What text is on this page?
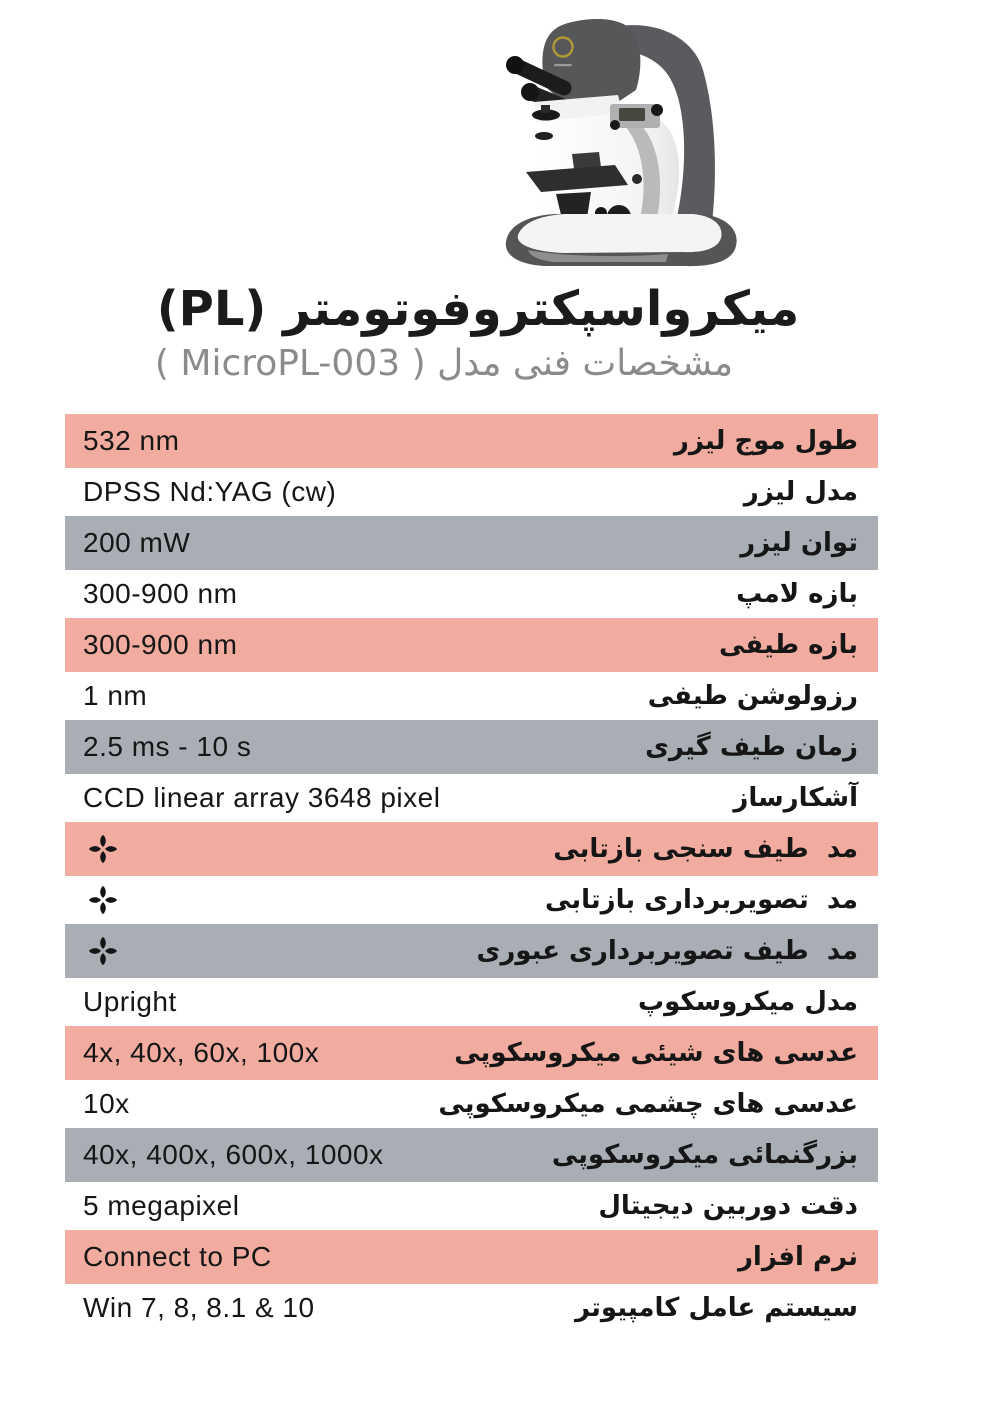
میکرواسپکتروفوتومتر (PL)
مشخصات فنی مدل ( MicroPL-003 )
532 nm	طول موج لیزر
DPSS Nd:YAG (cw)	مدل لیزر
200 mW	توان لیزر
300-900 nm	بازه لامپ
300-900 nm	بازه طیفی
1 nm	رزولوشن طیفی
2.5 ms - 10 s	زمان طیف گیری
CCD linear array 3648 pixel	آشکارساز
مد  طیف سنجی بازتابی
مد  تصویربرداری بازتابی
مد  طیف تصویربرداری عبوری
Upright	مدل میکروسکوپ
4x, 40x, 60x, 100x	عدسی های شیئی میکروسکوپی
10x	عدسی های چشمی میکروسکوپی
40x, 400x, 600x, 1000x	بزرگنمائی میکروسکوپی
5 megapixel	دقت دوربین دیجیتال
Connect to PC	نرم افزار
Win 7, 8, 8.1 & 10	سیستم عامل کامپیوتر
